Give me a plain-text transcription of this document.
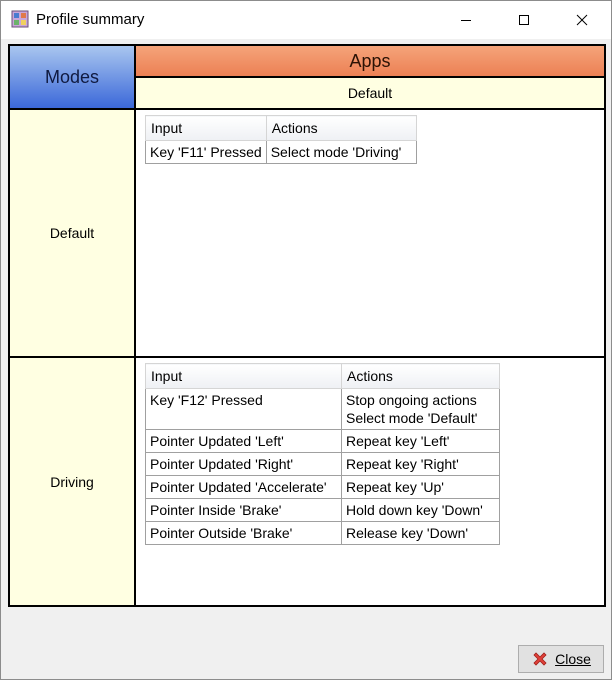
Profile summary
Modes
Apps
Default
Default
Input	Actions
Key 'F11' Pressed	Select mode 'Driving'
Driving
Input	Actions
Key 'F12' Pressed	Stop ongoing actions
Select mode 'Default'

Pointer Updated 'Left'	Repeat key 'Left'
Pointer Updated 'Right'	Repeat key 'Right'
Pointer Updated 'Accelerate'	Repeat key 'Up'
Pointer Inside 'Brake'	Hold down key 'Down'
Pointer Outside 'Brake'	Release key 'Down'
Close
